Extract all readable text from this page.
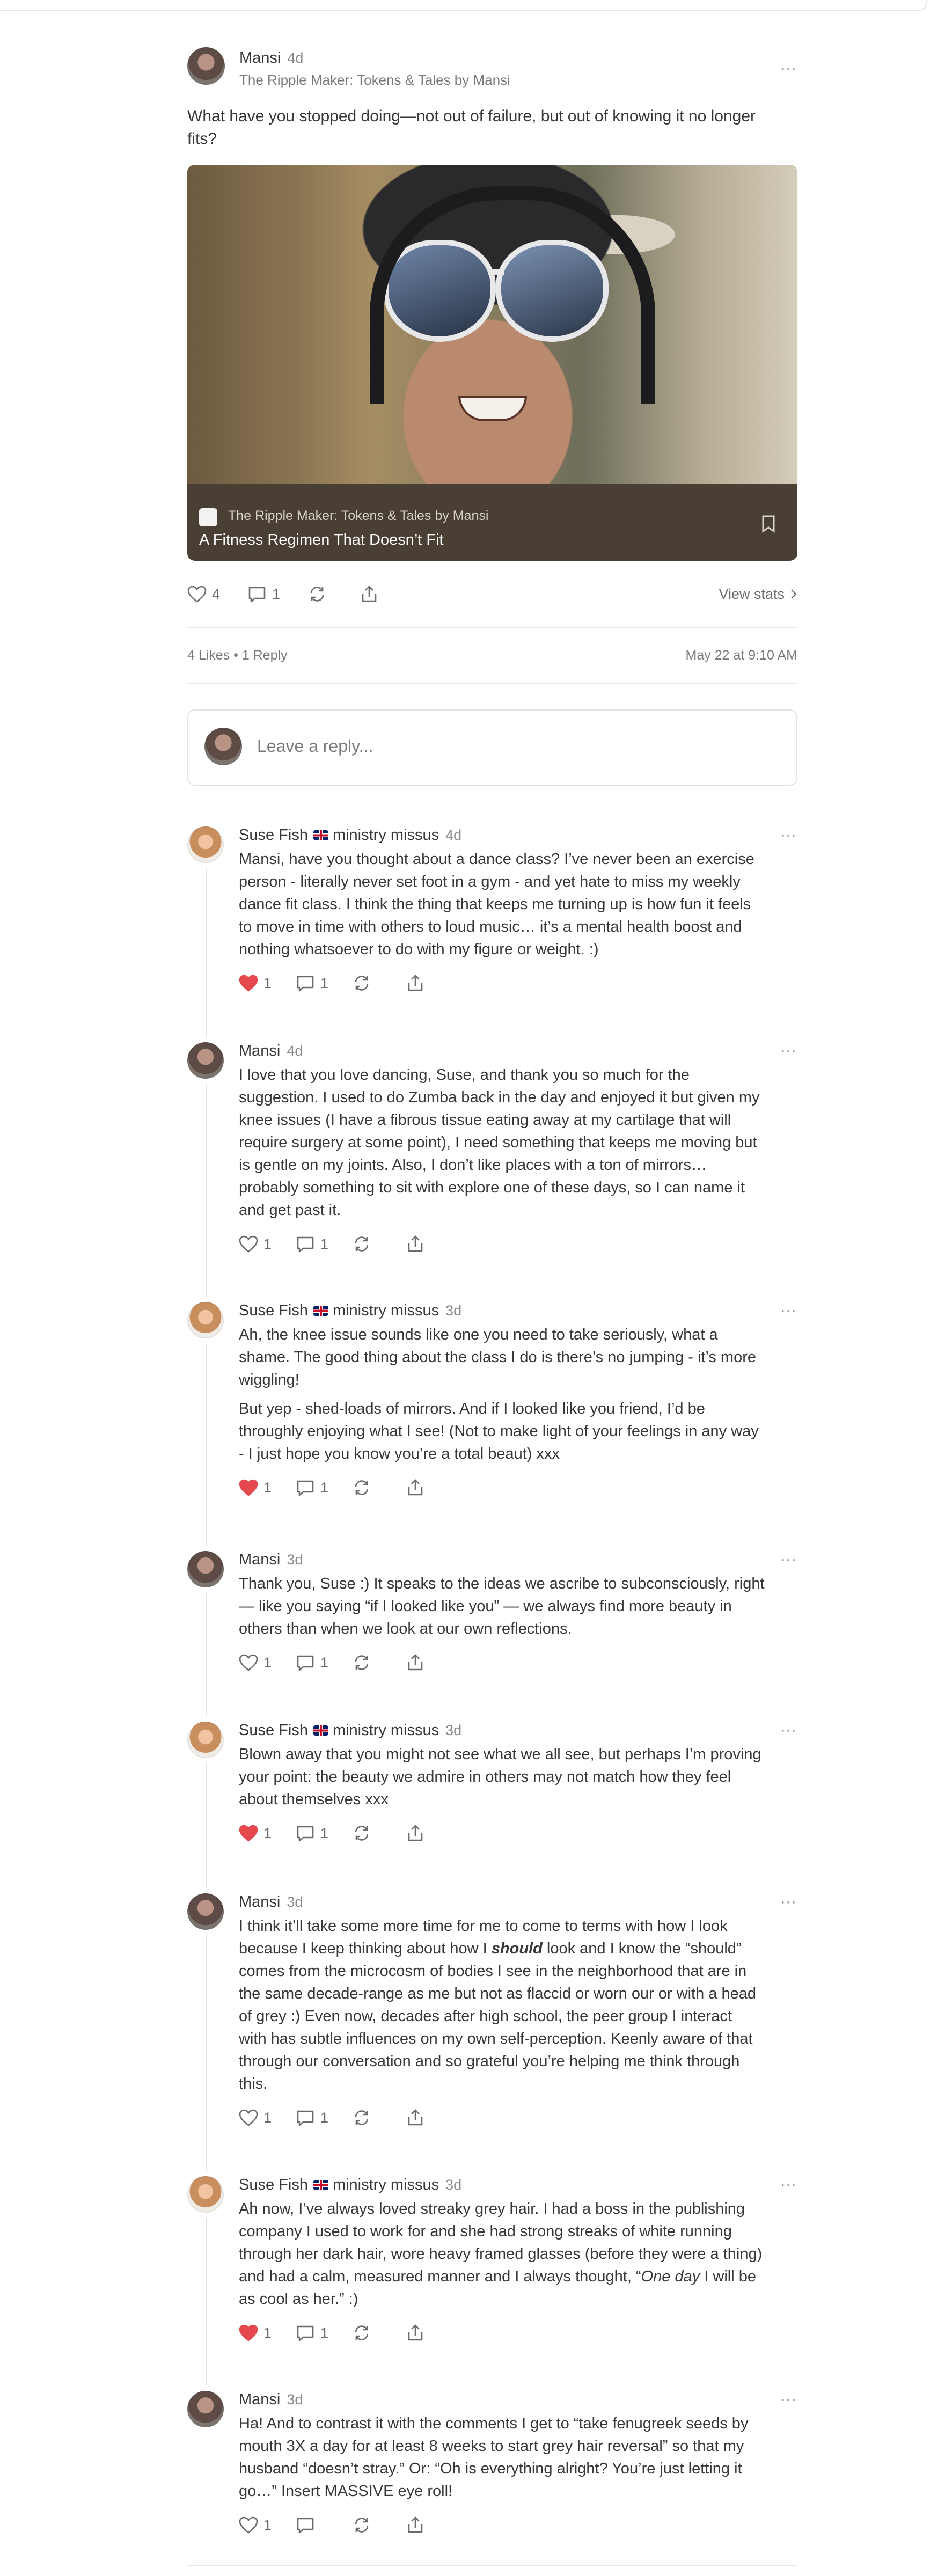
Mansi 4d
The Ripple Maker: Tokens & Tales by Mansi
···
What have you stopped doing—not out of failure, but out of knowing it no longer fits?
The Ripple Maker: Tokens & Tales by Mansi
A Fitness Regimen That Doesn’t Fit
4	1	View stats
4 Likes • 1 Reply	May 22 at 9:10 AM
Leave a reply...
Suse Fish ministry missus 4d	···
Mansi, have you thought about a dance class? I’ve never been an exercise
person - literally never set foot in a gym - and yet hate to miss my weekly
dance fit class. I think the thing that keeps me turning up is how fun it feels
to move in time with others to loud music… it’s a mental health boost and
nothing whatsoever to do with my figure or weight. :)
1	1
Mansi 4d	···
I love that you love dancing, Suse, and thank you so much for the
suggestion. I used to do Zumba back in the day and enjoyed it but given my
knee issues (I have a fibrous tissue eating away at my cartilage that will
require surgery at some point), I need something that keeps me moving but
is gentle on my joints. Also, I don’t like places with a ton of mirrors…
probably something to sit with explore one of these days, so I can name it
and get past it.
1	1
Suse Fish ministry missus 3d	···
Ah, the knee issue sounds like one you need to take seriously, what a
shame. The good thing about the class I do is there’s no jumping - it’s more
wiggling!
But yep - shed-loads of mirrors. And if I looked like you friend, I’d be
throughly enjoying what I see! (Not to make light of your feelings in any way
- I just hope you know you’re a total beaut) xxx
1	1
Mansi 3d	···
Thank you, Suse :) It speaks to the ideas we ascribe to subconsciously, right
— like you saying “if I looked like you” — we always find more beauty in
others than when we look at our own reflections.
1	1
Suse Fish ministry missus 3d	···
Blown away that you might not see what we all see, but perhaps I’m proving
your point: the beauty we admire in others may not match how they feel
about themselves xxx
1	1
Mansi 3d	···
I think it’ll take some more time for me to come to terms with how I look
because I keep thinking about how I should look and I know the “should”
comes from the microcosm of bodies I see in the neighborhood that are in
the same decade-range as me but not as flaccid or worn our or with a head
of grey :) Even now, decades after high school, the peer group I interact
with has subtle influences on my own self-perception. Keenly aware of that
through our conversation and so grateful you’re helping me think through
this.
1	1
Suse Fish ministry missus 3d	···
Ah now, I’ve always loved streaky grey hair. I had a boss in the publishing
company I used to work for and she had strong streaks of white running
through her dark hair, wore heavy framed glasses (before they were a thing)
and had a calm, measured manner and I always thought, “One day I will be
as cool as her.” :)
1	1
Mansi 3d	···
Ha! And to contrast it with the comments I get to “take fenugreek seeds by
mouth 3X a day for at least 8 weeks to start grey hair reversal” so that my
husband “doesn’t stray.” Or: “Oh is everything alright? You’re just letting it
go…” Insert MASSIVE eye roll!
1
